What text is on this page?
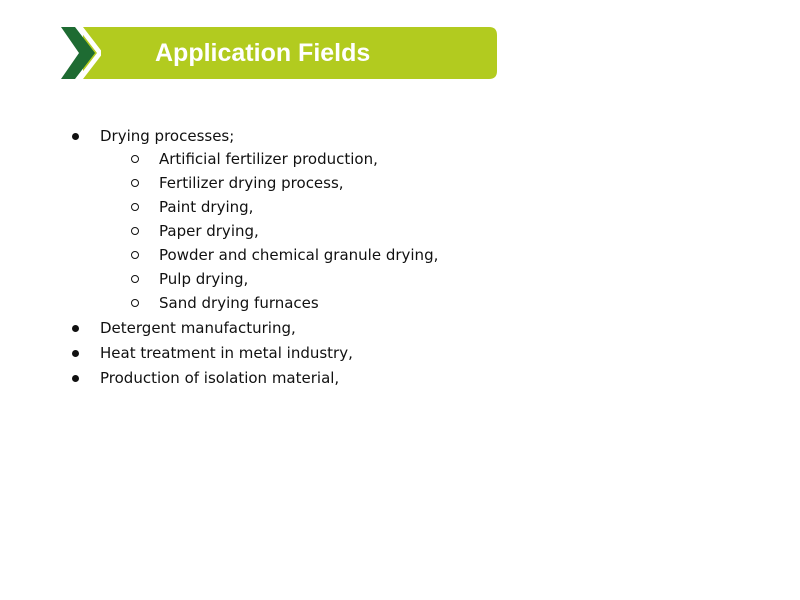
Application Fields
Drying processes;
Artificial fertilizer production,
Fertilizer drying process,
Paint drying,
Paper drying,
Powder and chemical granule drying,
Pulp drying,
Sand drying furnaces
Detergent manufacturing,
Heat treatment in metal industry,
Production of isolation material,
